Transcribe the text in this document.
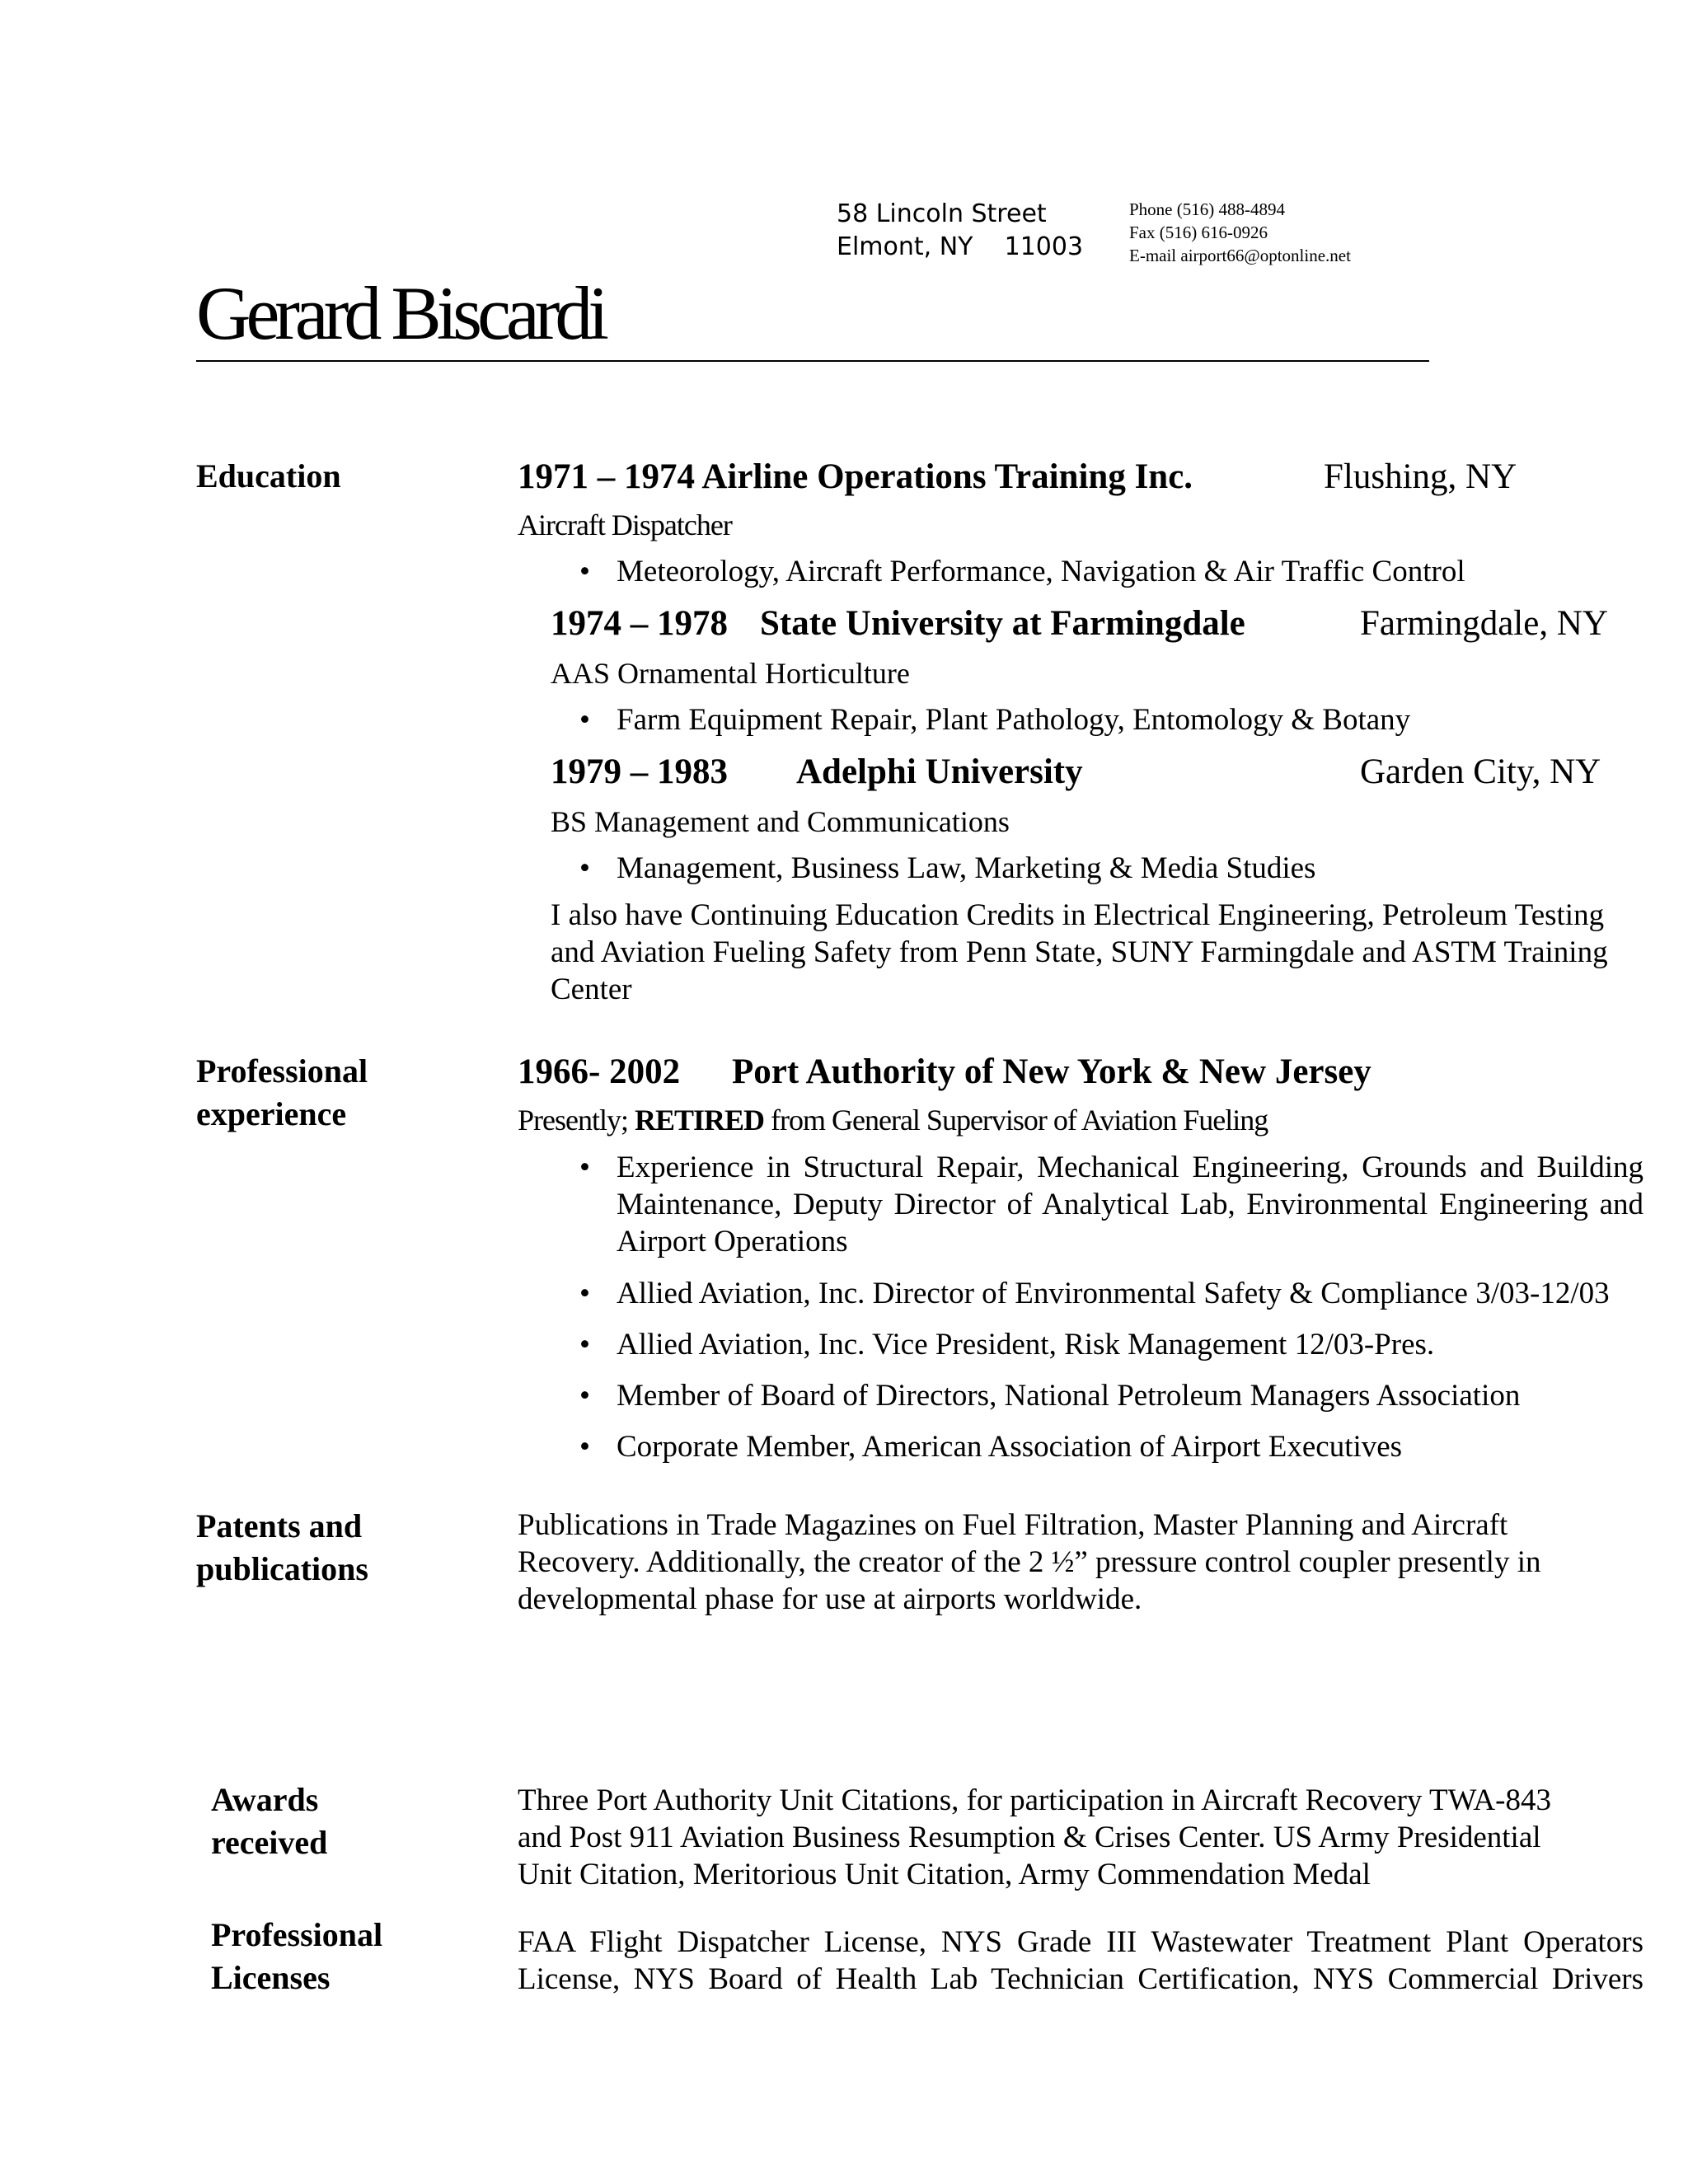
58 Lincoln Street
Elmont, NY    11003
Phone (516) 488-4894
Fax (516) 616-0926
E-mail airport66@optonline.net
Gerard Biscardi
Education	1971 – 1974 Airline Operations Training Inc.	Flushing, NY
Aircraft Dispatcher
• Meteorology, Aircraft Performance, Navigation & Air Traffic Control
1974 – 1978 State University at Farmingdale	Farmingdale, NY
AAS Ornamental Horticulture
• Farm Equipment Repair, Plant Pathology, Entomology & Botany
1979 – 1983 Adelphi University	Garden City, NY
BS Management and Communications
• Management, Business Law, Marketing & Media Studies
I also have Continuing Education Credits in Electrical Engineering, Petroleum Testing
and Aviation Fueling Safety from Penn State, SUNY Farmingdale and ASTM Training
Center
Professional
experience
1966- 2002 Port Authority of New York & New Jersey
Presently; RETIRED from General Supervisor of Aviation Fueling
• Experience in Structural Repair, Mechanical Engineering, Grounds and Building
Maintenance, Deputy Director of Analytical Lab, Environmental Engineering and
Airport Operations
• Allied Aviation, Inc. Director of Environmental Safety & Compliance 3/03-12/03
• Allied Aviation, Inc. Vice President, Risk Management 12/03-Pres.
• Member of Board of Directors, National Petroleum Managers Association
• Corporate Member, American Association of Airport Executives
Patents and
publications
Publications in Trade Magazines on Fuel Filtration, Master Planning and Aircraft
Recovery. Additionally, the creator of the 2 ½” pressure control coupler presently in
developmental phase for use at airports worldwide.
Awards
received
Three Port Authority Unit Citations, for participation in Aircraft Recovery TWA-843
and Post 911 Aviation Business Resumption & Crises Center. US Army Presidential
Unit Citation, Meritorious Unit Citation, Army Commendation Medal
Professional
Licenses
FAA Flight Dispatcher License, NYS Grade III Wastewater Treatment Plant Operators
License, NYS Board of Health Lab Technician Certification, NYS Commercial Drivers
